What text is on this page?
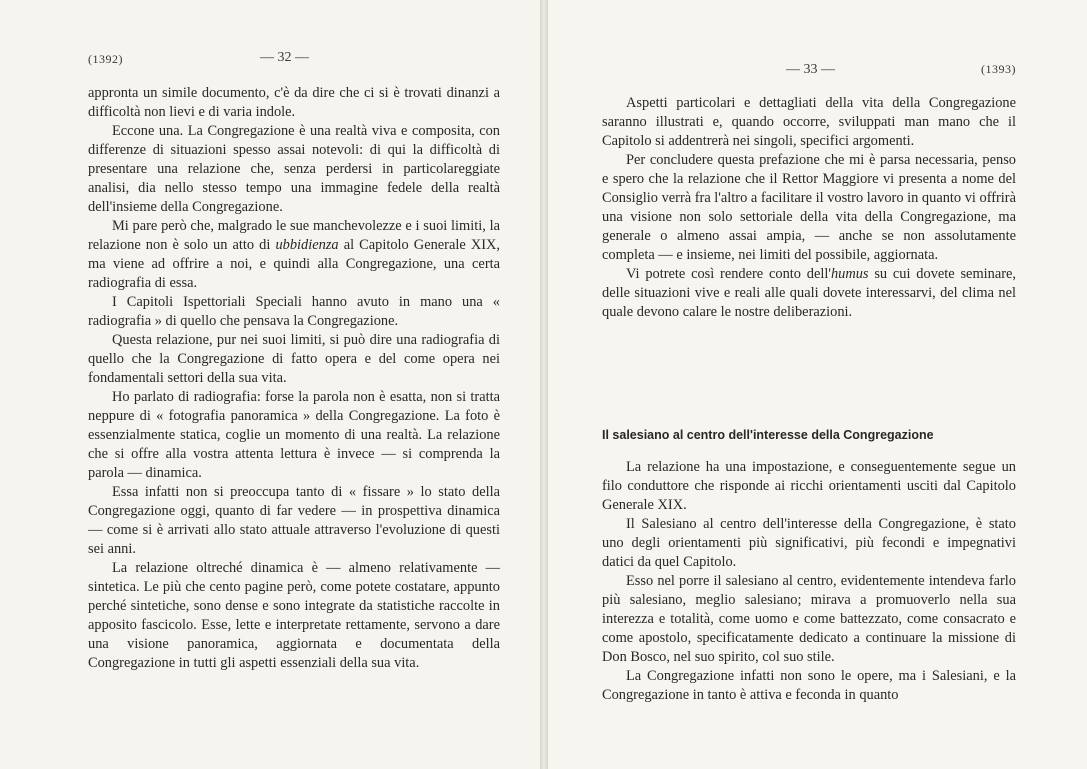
(1392)	— 32 —

appronta un simile documento, c'è da dire che ci si è trovati dinanzi a difficoltà non lievi e di varia indole.

Eccone una. La Congregazione è una realtà viva e composita, con differenze di situazioni spesso assai notevoli: di qui la difficoltà di presentare una relazione che, senza perdersi in particolareggiate analisi, dia nello stesso tempo una immagine fedele della realtà dell'insieme della Congregazione.

Mi pare però che, malgrado le sue manchevolezze e i suoi limiti, la relazione non è solo un atto di ubbidienza al Capitolo Generale XIX, ma viene ad offrire a noi, e quindi alla Congregazione, una certa radiografia di essa.

I Capitoli Ispettoriali Speciali hanno avuto in mano una « radiografia » di quello che pensava la Congregazione.

Questa relazione, pur nei suoi limiti, si può dire una radiografia di quello che la Congregazione di fatto opera e del come opera nei fondamentali settori della sua vita.

Ho parlato di radiografia: forse la parola non è esatta, non si tratta neppure di « fotografia panoramica » della Congregazione. La foto è essenzialmente statica, coglie un momento di una realtà. La relazione che si offre alla vostra attenta lettura è invece — si comprenda la parola — dinamica.

Essa infatti non si preoccupa tanto di « fissare » lo stato della Congregazione oggi, quanto di far vedere — in prospettiva dinamica — come si è arrivati allo stato attuale attraverso l'evoluzione di questi sei anni.

La relazione oltreché dinamica è — almeno relativamente — sintetica. Le più che cento pagine però, come potete costatare, appunto perché sintetiche, sono dense e sono integrate da statistiche raccolte in apposito fascicolo. Esse, lette e interpretate rettamente, servono a dare una visione panoramica, aggiornata e documentata della Congregazione in tutti gli aspetti essenziali della sua vita.

— 33 —	(1393)

Aspetti particolari e dettagliati della vita della Congregazione saranno illustrati e, quando occorre, sviluppati man mano che il Capitolo si addentrerà nei singoli, specifici argomenti.

Per concludere questa prefazione che mi è parsa necessaria, penso e spero che la relazione che il Rettor Maggiore vi presenta a nome del Consiglio verrà fra l'altro a facilitare il vostro lavoro in quanto vi offrirà una visione non solo settoriale della vita della Congregazione, ma generale o almeno assai ampia, — anche se non assolutamente completa — e insieme, nei limiti del possibile, aggiornata.

Vi potrete così rendere conto dell'humus su cui dovete seminare, delle situazioni vive e reali alle quali dovete interessarvi, del clima nel quale devono calare le nostre deliberazioni.

Il salesiano al centro dell'interesse della Congregazione

La relazione ha una impostazione, e conseguentemente segue un filo conduttore che risponde ai ricchi orientamenti usciti dal Capitolo Generale XIX.

Il Salesiano al centro dell'interesse della Congregazione, è stato uno degli orientamenti più significativi, più fecondi e impegnativi datici da quel Capitolo.

Esso nel porre il salesiano al centro, evidentemente intendeva farlo più salesiano, meglio salesiano; mirava a promuoverlo nella sua interezza e totalità, come uomo e come battezzato, come consacrato e come apostolo, specificatamente dedicato a continuare la missione di Don Bosco, nel suo spirito, col suo stile.

La Congregazione infatti non sono le opere, ma i Salesiani, e la Congregazione in tanto è attiva e feconda in quanto
